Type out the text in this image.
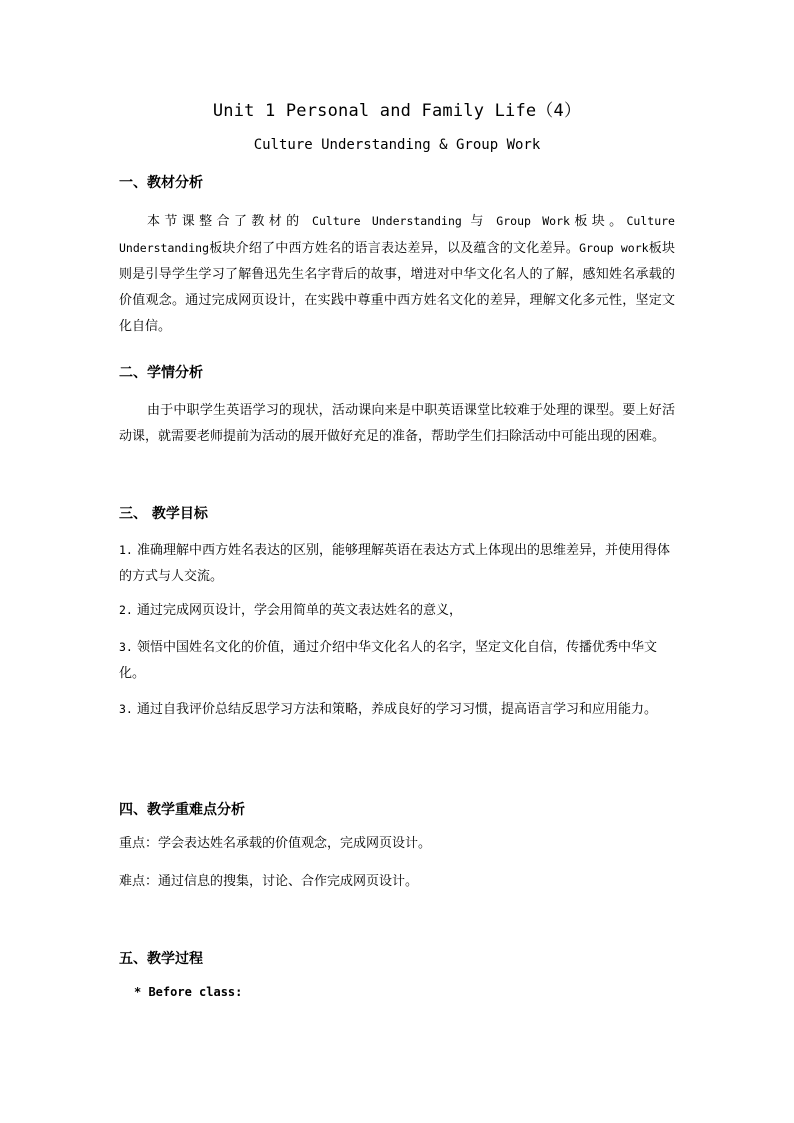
Unit 1 Personal and Family Life（4）
Culture Understanding & Group Work
一、教材分析
本节课整合了教材的 Culture Understanding 与 Group Work板块。Culture Understanding板块介绍了中西方姓名的语言表达差异，以及蕴含的文化差异。Group work板块则是引导学生学习了解鲁迅先生名字背后的故事，增进对中华文化名人的了解，感知姓名承载的价值观念。通过完成网页设计，在实践中尊重中西方姓名文化的差异，理解文化多元性，坚定文化自信。
二、学情分析
由于中职学生英语学习的现状，活动课向来是中职英语课堂比较难于处理的课型。要上好活动课，就需要老师提前为活动的展开做好充足的准备，帮助学生们扫除活动中可能出现的困难。
三、 教学目标
1. 准确理解中西方姓名表达的区别，能够理解英语在表达方式上体现出的思维差异，并使用得体的方式与人交流。
2. 通过完成网页设计，学会用简单的英文表达姓名的意义，
3. 领悟中国姓名文化的价值，通过介绍中华文化名人的名字，坚定文化自信，传播优秀中华文化。
3. 通过自我评价总结反思学习方法和策略，养成良好的学习习惯，提高语言学习和应用能力。
四、教学重难点分析
重点：学会表达姓名承载的价值观念，完成网页设计。
难点：通过信息的搜集，讨论、合作完成网页设计。
五、教学过程
* Before class:
